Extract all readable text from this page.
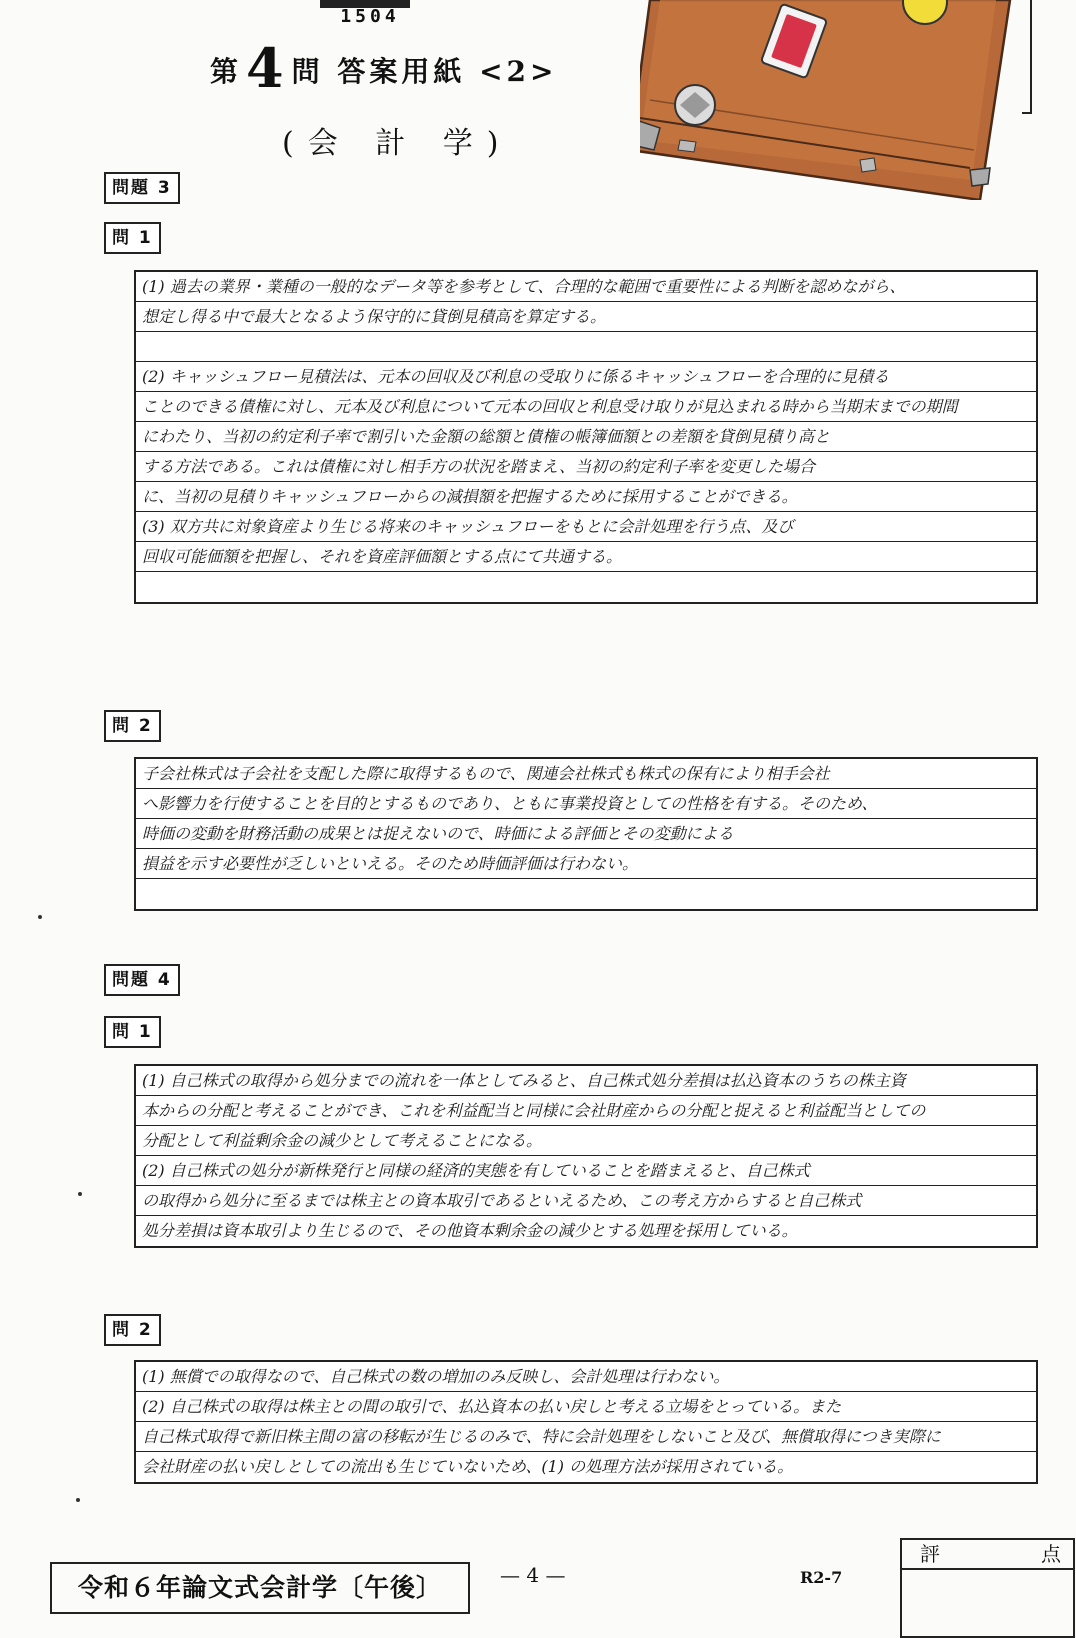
1504
第4 問 答案用紙 <2>
(会 計 学)
問題 3
問 1
(1) 過去の業界・業種の一般的なデータ等を参考として、合理的な範囲で重要性による判断を認めながら、
想定し得る中で最大となるよう保守的に貸倒見積高を算定する。
(2) キャッシュフロー見積法は、元本の回収及び利息の受取りに係るキャッシュフローを合理的に見積る
ことのできる債権に対し、元本及び利息について元本の回収と利息受け取りが見込まれる時から当期末までの期間
にわたり、当初の約定利子率で割引いた金額の総額と債権の帳簿価額との差額を貸倒見積り高と
する方法である。これは債権に対し相手方の状況を踏まえ、当初の約定利子率を変更した場合
に、当初の見積りキャッシュフローからの減損額を把握するために採用することができる。
(3) 双方共に対象資産より生じる将来のキャッシュフローをもとに会計処理を行う点、及び
回収可能価額を把握し、それを資産評価額とする点にて共通する。
問 2
子会社株式は子会社を支配した際に取得するもので、関連会社株式も株式の保有により相手会社
へ影響力を行使することを目的とするものであり、ともに事業投資としての性格を有する。そのため、
時価の変動を財務活動の成果とは捉えないので、時価による評価とその変動による
損益を示す必要性が乏しいといえる。そのため時価評価は行わない。
問題 4
問 1
(1) 自己株式の取得から処分までの流れを一体としてみると、自己株式処分差損は払込資本のうちの株主資
本からの分配と考えることができ、これを利益配当と同様に会社財産からの分配と捉えると利益配当としての
分配として利益剰余金の減少として考えることになる。
(2) 自己株式の処分が新株発行と同様の経済的実態を有していることを踏まえると、自己株式
の取得から処分に至るまでは株主との資本取引であるといえるため、この考え方からすると自己株式
処分差損は資本取引より生じるので、その他資本剰余金の減少とする処理を採用している。
問 2
(1) 無償での取得なので、自己株式の数の増加のみ反映し、会計処理は行わない。
(2) 自己株式の取得は株主との間の取引で、払込資本の払い戻しと考える立場をとっている。また
自己株式取得で新旧株主間の富の移転が生じるのみで、特に会計処理をしないこと及び、無償取得につき実際に
会社財産の払い戻しとしての流出も生じていないため、(1) の処理方法が採用されている。
令和６年論文式会計学〔午後〕	— 4 —	R2-7
評	点
